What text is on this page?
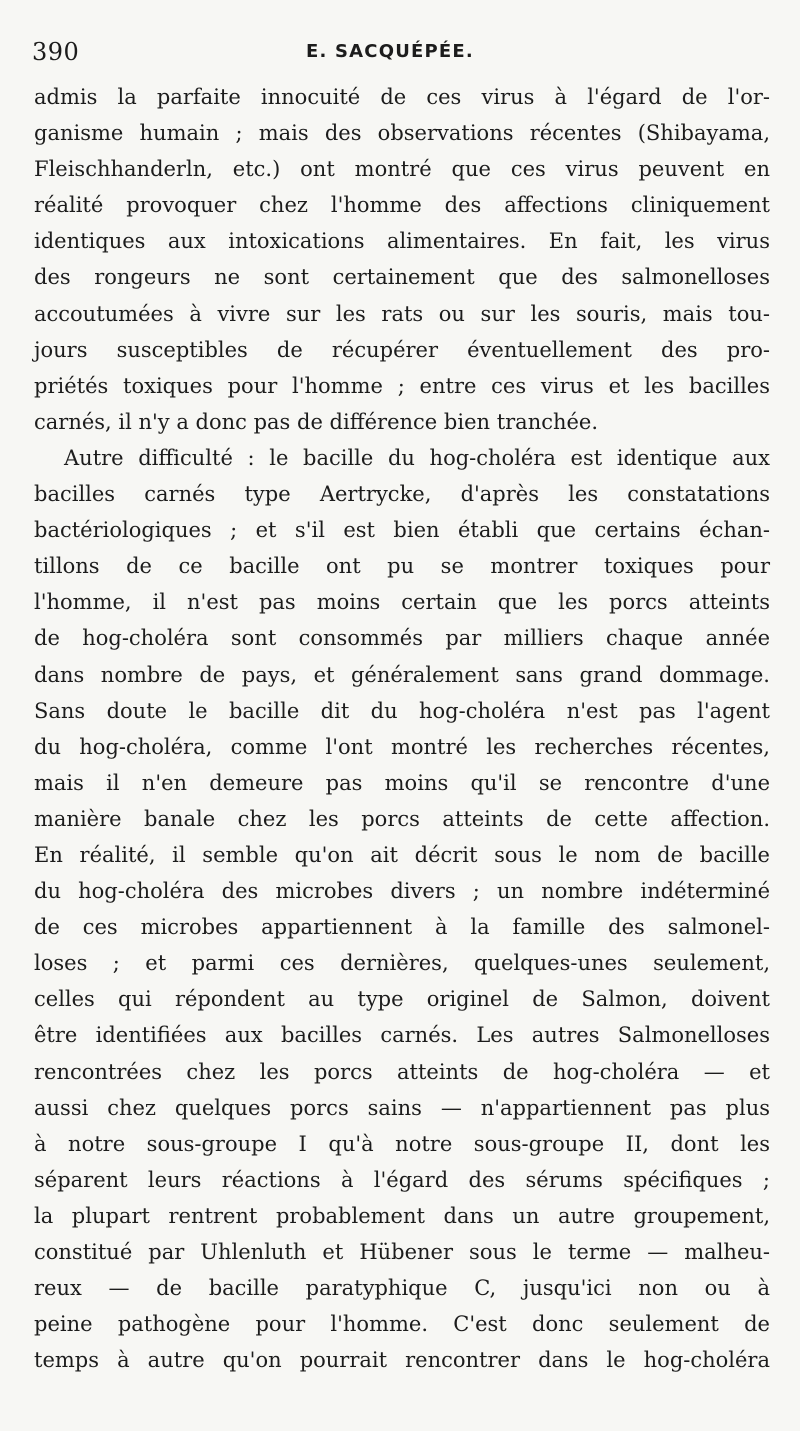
390	E. SACQUÉPÉE.
admis la parfaite innocuité de ces virus à l'égard de l'or-
ganisme humain ; mais des observations récentes (Shibayama,
Fleischhanderln, etc.) ont montré que ces virus peuvent en
réalité provoquer chez l'homme des affections cliniquement
identiques aux intoxications alimentaires. En fait, les virus
des rongeurs ne sont certainement que des salmonelloses
accoutumées à vivre sur les rats ou sur les souris, mais tou-
jours susceptibles de récupérer éventuellement des pro-
priétés toxiques pour l'homme ; entre ces virus et les bacilles
carnés, il n'y a donc pas de différence bien tranchée.
Autre difficulté : le bacille du hog-choléra est identique aux
bacilles carnés type Aertrycke, d'après les constatations
bactériologiques ; et s'il est bien établi que certains échan-
tillons de ce bacille ont pu se montrer toxiques pour
l'homme, il n'est pas moins certain que les porcs atteints
de hog-choléra sont consommés par milliers chaque année
dans nombre de pays, et généralement sans grand dommage.
Sans doute le bacille dit du hog-choléra n'est pas l'agent
du hog-choléra, comme l'ont montré les recherches récentes,
mais il n'en demeure pas moins qu'il se rencontre d'une
manière banale chez les porcs atteints de cette affection.
En réalité, il semble qu'on ait décrit sous le nom de bacille
du hog-choléra des microbes divers ; un nombre indéterminé
de ces microbes appartiennent à la famille des salmonel-
loses ; et parmi ces dernières, quelques-unes seulement,
celles qui répondent au type originel de Salmon, doivent
être identifiées aux bacilles carnés. Les autres Salmonelloses
rencontrées chez les porcs atteints de hog-choléra — et
aussi chez quelques porcs sains — n'appartiennent pas plus
à notre sous-groupe I qu'à notre sous-groupe II, dont les
séparent leurs réactions à l'égard des sérums spécifiques ;
la plupart rentrent probablement dans un autre groupement,
constitué par Uhlenluth et Hübener sous le terme — malheu-
reux — de bacille paratyphique C, jusqu'ici non ou à
peine pathogène pour l'homme. C'est donc seulement de
temps à autre qu'on pourrait rencontrer dans le hog-choléra
